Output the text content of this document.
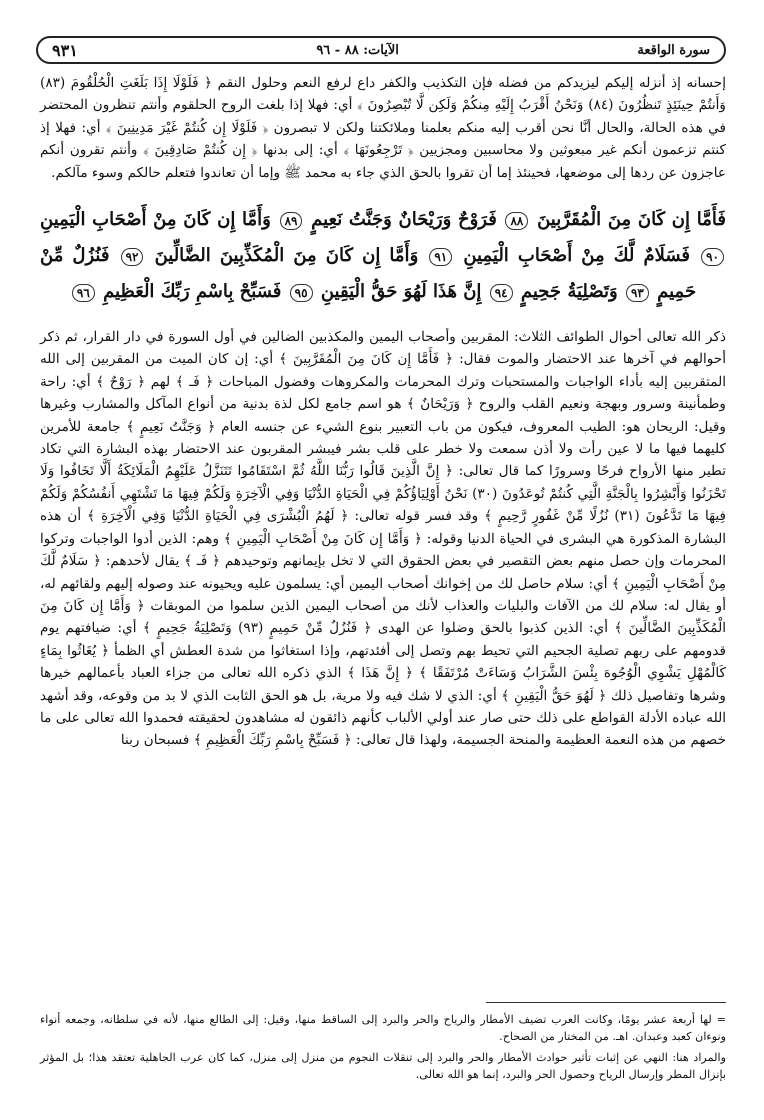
سورة الواقعة
الآيات: ٨٨ - ٩٦
٩٣١

إحسانه إذ أنزله إليكم ليزيدكم من فضله فإن التكذيب والكفر داع لرفع النعم وحلول النقم ﴿ فَلَوْلَا إِذَا بَلَغَتِ الْحُلْقُومَ (٨٣) وَأَنتُمْ حِينَئِذٍ تَنظُرُونَ (٨٤) وَنَحْنُ أَقْرَبُ إِلَيْهِ مِنكُمْ وَلَكِن لَّا تُبْصِرُونَ ﴾ أي: فهلا إذا بلغت الروح الحلقوم وأنتم تنظرون المحتضر في هذه الحالة، والحال أنَّا نحن أقرب إليه منكم بعلمنا وملائكتنا ولكن لا تبصرون ﴿ فَلَوْلَا إِن كُنتُمْ غَيْرَ مَدِينِينَ ﴾ أي: فهلا إذ كنتم تزعمون أنكم غير مبعوثين ولا محاسبين ومجزيين ﴿ تَرْجِعُونَهَا ﴾ أي: إلى بدنها ﴿ إِن كُنتُمْ صَادِقِينَ ﴾ وأنتم تقرون أنكم عاجزون عن ردها إلى موضعها، فحينئذ إما أن تقروا بالحق الذي جاء به محمد ﷺ وإما أن تعاندوا فتعلم حالكم وسوء مآلكم.

فَأَمَّا إِن كَانَ مِنَ الْمُقَرَّبِينَ ٨٨ فَرَوْحٌ وَرَيْحَانٌ وَجَنَّتُ نَعِيمٍ ٨٩ وَأَمَّا إِن كَانَ مِنْ أَصْحَابِ الْيَمِينِ ٩٠ فَسَلَامٌ لَّكَ مِنْ أَصْحَابِ الْيَمِينِ ٩١ وَأَمَّا إِن كَانَ مِنَ الْمُكَذِّبِينَ الضَّالِّينَ ٩٢ فَنُزُلٌ مِّنْ حَمِيمٍ ٩٣ وَتَصْلِيَةُ جَحِيمٍ ٩٤ إِنَّ هَذَا لَهُوَ حَقُّ الْيَقِينِ ٩٥ فَسَبِّحْ بِاسْمِ رَبِّكَ الْعَظِيمِ ٩٦

ذكر الله تعالى أحوال الطوائف الثلاث: المقربين وأصحاب اليمين والمكذبين الضالين في أول السورة في دار القرار، ثم ذكر أحوالهم في آخرها عند الاحتضار والموت فقال: ﴿ فَأَمَّا إِن كَانَ مِنَ الْمُقَرَّبِينَ ﴾ أي: إن كان الميت من المقربين إلى الله المتقربين إليه بأداء الواجبات والمستحبات وترك المحرمات والمكروهات وفضول المباحات ﴿ فَـ ﴾ لهم ﴿ رَوْحٌ ﴾ أي: راحة وطمأنينة وسرور وبهجة ونعيم القلب والروح ﴿ وَرَيْحَانٌ ﴾ هو اسم جامع لكل لذة بدنية من أنواع المآكل والمشارب وغيرها وقيل: الريحان هو: الطيب المعروف، فيكون من باب التعبير بنوع الشيء عن جنسه العام ﴿ وَجَنَّتُ نَعِيمٍ ﴾ جامعة للأمرين كليهما فيها ما لا عين رأت ولا أذن سمعت ولا خطر على قلب بشر فيبشر المقربون عند الاحتضار بهذه البشارة التي تكاد تطير منها الأرواح فرحًا وسرورًا كما قال تعالى: ﴿ إِنَّ الَّذِينَ قَالُوا رَبُّنَا اللَّهُ ثُمَّ اسْتَقَامُوا تَتَنَزَّلُ عَلَيْهِمُ الْمَلَائِكَةُ أَلَّا تَخَافُوا وَلَا تَحْزَنُوا وَأَبْشِرُوا بِالْجَنَّةِ الَّتِي كُنتُمْ تُوعَدُونَ (٣٠) نَحْنُ أَوْلِيَاؤُكُمْ فِي الْحَيَاةِ الدُّنْيَا وَفِي الْآخِرَةِ وَلَكُمْ فِيهَا مَا تَشْتَهِي أَنفُسُكُمْ وَلَكُمْ فِيهَا مَا تَدَّعُونَ (٣١) نُزُلًا مِّنْ غَفُورٍ رَّحِيمٍ ﴾ وقد فسر قوله تعالى: ﴿ لَهُمُ الْبُشْرَى فِي الْحَيَاةِ الدُّنْيَا وَفِي الْآخِرَةِ ﴾ أن هذه البشارة المذكورة هي البشرى في الحياة الدنيا وقوله: ﴿ وَأَمَّا إِن كَانَ مِنْ أَصْحَابِ الْيَمِينِ ﴾ وهم: الذين أدوا الواجبات وتركوا المحرمات وإن حصل منهم بعض التقصير في بعض الحقوق التي لا تخل بإيمانهم وتوحيدهم ﴿ فَـ ﴾ يقال لأحدهم: ﴿ سَلَامٌ لَّكَ مِنْ أَصْحَابِ الْيَمِينِ ﴾ أي: سلام حاصل لك من إخوانك أصحاب اليمين أي: يسلمون عليه ويحيونه عند وصوله إليهم ولقائهم له، أو يقال له: سلام لك من الآفات والبليات والعذاب لأنك من أصحاب اليمين الذين سلموا من الموبقات ﴿ وَأَمَّا إِن كَانَ مِنَ الْمُكَذِّبِينَ الضَّالِّينَ ﴾ أي: الذين كذبوا بالحق وضلوا عن الهدى ﴿ فَنُزُلٌ مِّنْ حَمِيمٍ (٩٣) وَتَصْلِيَةُ جَحِيمٍ ﴾ أي: ضيافتهم يوم قدومهم على ربهم تصلية الجحيم التي تحيط بهم وتصل إلى أفئدتهم، وإذا استغاثوا من شدة العطش أي الظمأ ﴿ يُغَاثُوا بِمَاءٍ كَالْمُهْلِ يَشْوِي الْوُجُوهَ بِئْسَ الشَّرَابُ وَسَاءَتْ مُرْتَفَقًا ﴾ ﴿ إِنَّ هَذَا ﴾ الذي ذكره الله تعالى من جزاء العباد بأعمالهم خيرها وشرها وتفاصيل ذلك ﴿ لَهُوَ حَقُّ الْيَقِينِ ﴾ أي: الذي لا شك فيه ولا مرية، بل هو الحق الثابت الذي لا بد من وقوعه، وقد أشهد الله عباده الأدلة القواطع على ذلك حتى صار عند أولي الألباب كأنهم ذائقون له مشاهدون لحقيقته فحمدوا الله تعالى على ما خصهم من هذه النعمة العظيمة والمنحة الجسيمة، ولهذا قال تعالى: ﴿ فَسَبِّحْ بِاسْمِ رَبِّكَ الْعَظِيمِ ﴾ فسبحان ربنا

= لها أربعة عشر يومًا، وكانت العرب تضيف الأمطار والرياح والحر والبرد إلى الساقط منها، وقيل: إلى الطالع منها، لأنه في سلطانه، وجمعه أنواء ونوءان كعبد وعبدان. اهـ. من المختار من الصحاح.

والمراد هنا: النهي عن إثبات تأثير حوادث الأمطار والحر والبرد إلى تنقلات النجوم من منزل إلى منزل، كما كان عرب الجاهلية تعتقد هذا؛ بل المؤثر بإنزال المطر وإرسال الرياح وحصول الحر والبرد، إنما هو الله تعالى.
